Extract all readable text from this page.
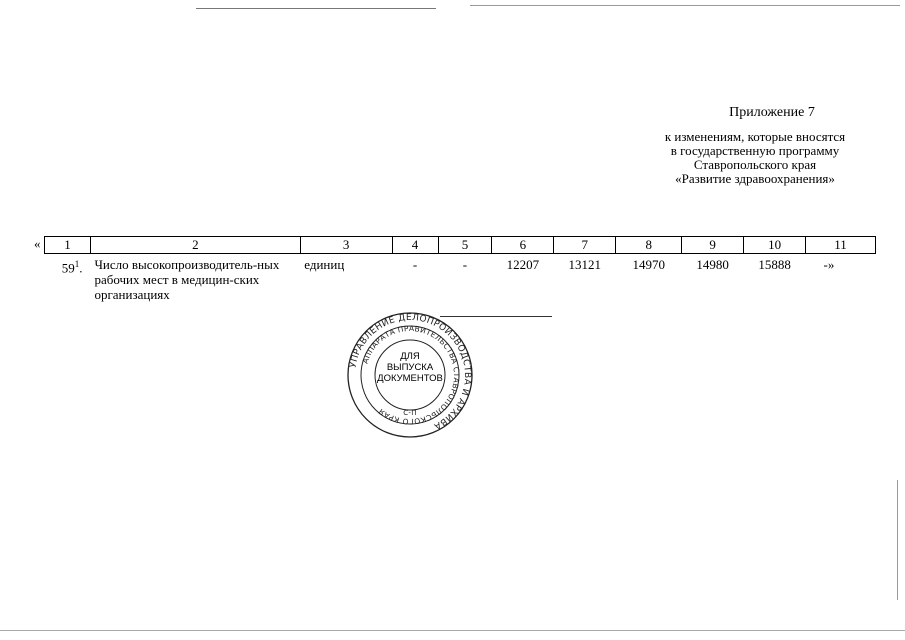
Приложение 7
к изменениям, которые вносятся
в государственную программу
Ставропольского края
«Развитие здравоохранения»
« 1	2	3	4	5	6	7	8	9	10	11
$59^1$.	Число высокопроизводитель-ных рабочих мест в медицин-ских организациях	единиц	-	-	12207	13121	14970	14980	15888	-»
УПРАВЛЕНИЕ ДЕЛОПРОИЗВОДСТВА И АРХИВА
АППАРАТА ПРАВИТЕЛЬСТВА СТАВРОПОЛЬСКОГО КРАЯ	С-П
ДЛЯ
ВЫПУСКА
ДОКУМЕНТОВ
